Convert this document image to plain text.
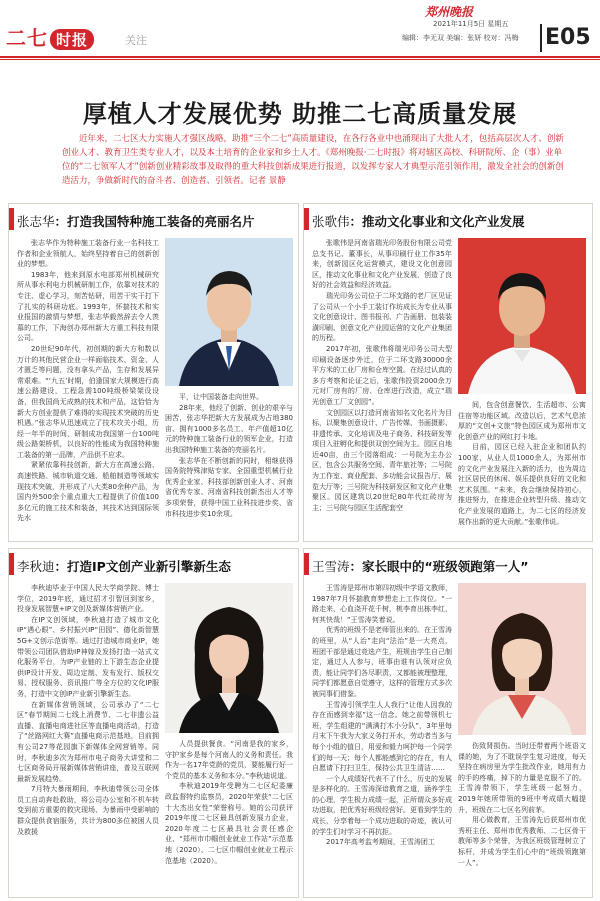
二七 时报	关注
郑州晚报
2021年11月5日 星期五
编辑：李无双 美编：张妍 校对：冯梅 E05
厚植人才发展优势 助推二七高质量发展
近年来，二七区大力实施人才强区战略，助推“三个二七”高质量建设，在各行各业中也涌现出了大批人才，包括高层次人才、创新创业人才、教育卫生类专业人才，以及本土培育的企业家和乡土人才。《郑州晚报·二七时报》将对辖区高校、科研院所、企（事）业单位的“二七领军人才”创新创业精彩故事及取得的重大科技创新成果进行报道，以发挥专家人才典型示范引领作用，激发全社会的创新创造活力，争做新时代的奋斗者、创造者、引领者。记者 景静
张志华：打造我国特种施工装备的亮丽名片

张志华作为特种施工装备行业一名科技工作者和企业领航人，始终坚持着自己的创新创业的梦想。

1983年，他来到原水电部郑州机械研究所从事水利电力机械研制工作，依靠对技术的专注、虚心学习，刻苦钻研，用苦干实干打下了扎实的科研功底。1993年，怀揣技术和实业报国的激情与梦想，张志华毅然辞去令人羡慕的工作，下海创办郑州新大方重工科技有限公司。

20世纪90年代，初创期的新大方和数以万计的其他民营企业一样面临技术、资金、人才匮乏等问题，没有拿头产品，生存和发展异常艰难。“‘九五’时期，伯逢国家大规模进行高速公路建设，工程急需100吨级桥梁架设设备，但我国尚无成熟的技术和产品，这恰恰为新大方创业提供了难得的实现技术突破的历史机遇。”张志华从迅速成立了技术攻关小组，历经一年半的时间，研制成功我国第一台100吨级公路架桥机，以良好的性能成为我国特种施工装备的第一品牌，产品供不应求。

紧紧依靠科技创新，新大方在高速公路、高速铁路、城市轨道交通、船舶制造等领域实现技术突破，并形成了八大类80余种产品，为国内外500余个重点重大工程提供了价值100多亿元的施工技术和装备，其技术达到国际领先水

平，让中国装备走向世界。

28年来，他经了创新、创业的艰辛与困苦，张志华把新大方发展成为占地380亩、拥有1000多名员工、年产值超10亿元的特种施工装备行业的领军企业，打造出我国特种施工装备的亮丽名片。

张志华在不断创新的同时，相继获得国务院特殊津贴专家、全国重型机械行业优秀企业家、科技部创新创业人才、河南省优秀专家、河南省科技创新杰出人才等多项荣誉，获得中国工业科技进步奖、省市科技进步奖10余项。

张歌伟：推动文化事业和文化产业发展

张歌伟是河南省瑞光印务股份有限公司党总支书记、董事长，从事印刷行业工作35年来，创新园区化运营模式，建设文化创意园区，推动文化事业和文化产业发展，创造了良好的社会效益和经济效益。

瑞光印务公司位于二环支路的老厂区见证了公司从一个小手工装订作坊成长为专业从事文化创意设计、图书报刊、广告画册、包装装潢印刷、创意文化产业园运营的文化产业集团的历程。

2017年初，张歌伟将瑞光印务公司大型印刷设备逐步外迁，位于二环支路30000余平方米的工业厂房和仓库空置。在经过认真的多方考察和论证之后，张歌伟投资2000余万元对厂房有的厂房、仓库进行改造，成立“瑞光创意工厂文创园”。

文创园区以打造河南省知名文化名片为目标，以聚集创意设计、广告传媒、书画摄影、非遗传承、文化培训及电子商务、科技研发等项目入驻孵化和提供双创空间为主。园区自地近40亩，由三个园落组成：一号院为主办公区，包含公共服务空间、青年旅社等；二号院为工作室、商业配套、多功能会议报告厅、展览大厅等；三号院为科技研发区和文化产业集聚区。园区建筑以20世纪80年代红砖房为主；三号院与园区生活配套空

间，包含创意餐饮、生活超市、公寓住宿等功能区域。改造以后，艺术气息浓厚的“文创+文旅”特色园区成为郑州市文化创意产业的网红打卡地。

目前，园区已经入驻企业和团队约100家，从业人员1000余人，为郑州市的文化产业发展注入新的活力，也为周边社区居民的休闲、娱乐提供良好的文化和艺术氛围。“未来，我会继续保持初心，推进努力，在推进企业转型升级、推动文化产业发展的道路上，为二七区的经济发展作出新的更大贡献。”张歌伟说。

李秋迪：打造IP文创产业新引擎新生态

李秋迪毕业于中国人民大学商学院、博士学位，2019年底，通过招才引智回到家乡，投身发展智慧+IP文创及新媒体营销产业。

在IP文创领域，李秋迪打造了城市文化IP“遇心眼”、乡村振兴IP“田园”、德化街智慧5G+文创示范街等。通过打造城市商业IP，她带领公司团队借助IP神嫁及发扬打造一站式文化服务平台，为IP产业链的上下游生态企业提供IP设计开发、周边定制、发布发行、版权交易、授权服务、资讯推广等全方位的文化IP服务，打造中文创IP产业新引擎新生态。

在新媒体营销领域，公司承办了“二七区”春节期间二七线上消费节、二七非遗公益直播、直播电商进社区等直播电商活动，打造了“丝路网红大赛”直播电商示范基地，目前拥有公司27等花园旗下新媒体全网营销等。同时，李秋迪多次为郑州市电子商务大讲堂和二七区商务局开展新媒体营销讲座，普及互联网最新发展趋势。

7月特大暴雨期间，李秋迪带领公司全体员工自动奔赴救助，将公司办公室和不机车转变到前方重要的救灾现场、为暴雨中受影响的群众提供食宿服务，共计为800多位被困人员及救援

人员提供餐食。“河南是我的家乡，守护家乡是每个河南人的义务和责任。我作为一名17年党龄的党员，要能履行好一个党员的基本义务和本分。”李秋迪说道。

李秋迪2019年受聘为二七区纪委廉政监督特约监察员，2020年荣获“二七区十大杰出女性”荣誉称号。她的公司获评2019年度二七区最具创新发展力企业，2020年度二七区最具社会责任感企业、“郑州市巾帼创业就业工作站”示范基地（2020）、二七区巾帼创业就业工程示范基地（2020）。

王雪涛：家长眼中的“班级领跑第一人”

王雪涛是郑州市第四初级中学语文教师，1987年7月怀揣教育梦想走上工作岗位。“一路走来，心血浇开花千树，桃李育出栋李红，何其快哉！”王雪涛笑着说。

优秀的班级不是老师管出来的。在王雪涛的班里，从“人治”走向“法治”是一大亮点，班团干部是通过竞选产生，班规由学生自己制定，通过人人参与，班事由谁有认领对应负责，能让同学们各尽职责，又都能被理整理，同学们都愿意自觉遵守，这样的管理方式多次被同事们借鉴。

王雪涛引领学生人人我行“让他人因我的存在而感到幸福”这一信念。她之前带领机七班，学生组建的“满满打木小分队”，3年里每月末下午我为大家义务打开水，劳动者当多与每个小组的值日，用爱和毅力呵护每一个同学们的每一天；每个人都能感到它的存在，有人自愿请下打扫卫生，保持公共卫生清洁……

一个人成绩好代表不了什么，历史的发展是多样化的。王雪涛深谙教育之道，涵养学生的心理，学生极力成绩一起，正所谓众多好成功进取，把优秀好班级经营好。更看到学生的成长，分享着每一个成功进取的奇迹，被认可的学生们对学习不再抗拒。

2017年高考监考期间，王雪涛团工

伤致肾损伤。当时还带着两个班语文课的她，为了不耽误学生复习进度，每天坚持在病房里为学生批改作业，她用有力的手的疼痛，掉下的力量是克服不了的。王雪涛带领下，学生班级一起努力，2019年她所带领的9班中考成绩大幅提升，班级在二七区名列前茅。

用心做教育，王雪涛先后获郑州市优秀班主任、郑州市优秀教师、二七区骨干教师等多个荣誉，为我区班级管理树立了标杆，并成为学生们心中的“班级领跑第一人”。
